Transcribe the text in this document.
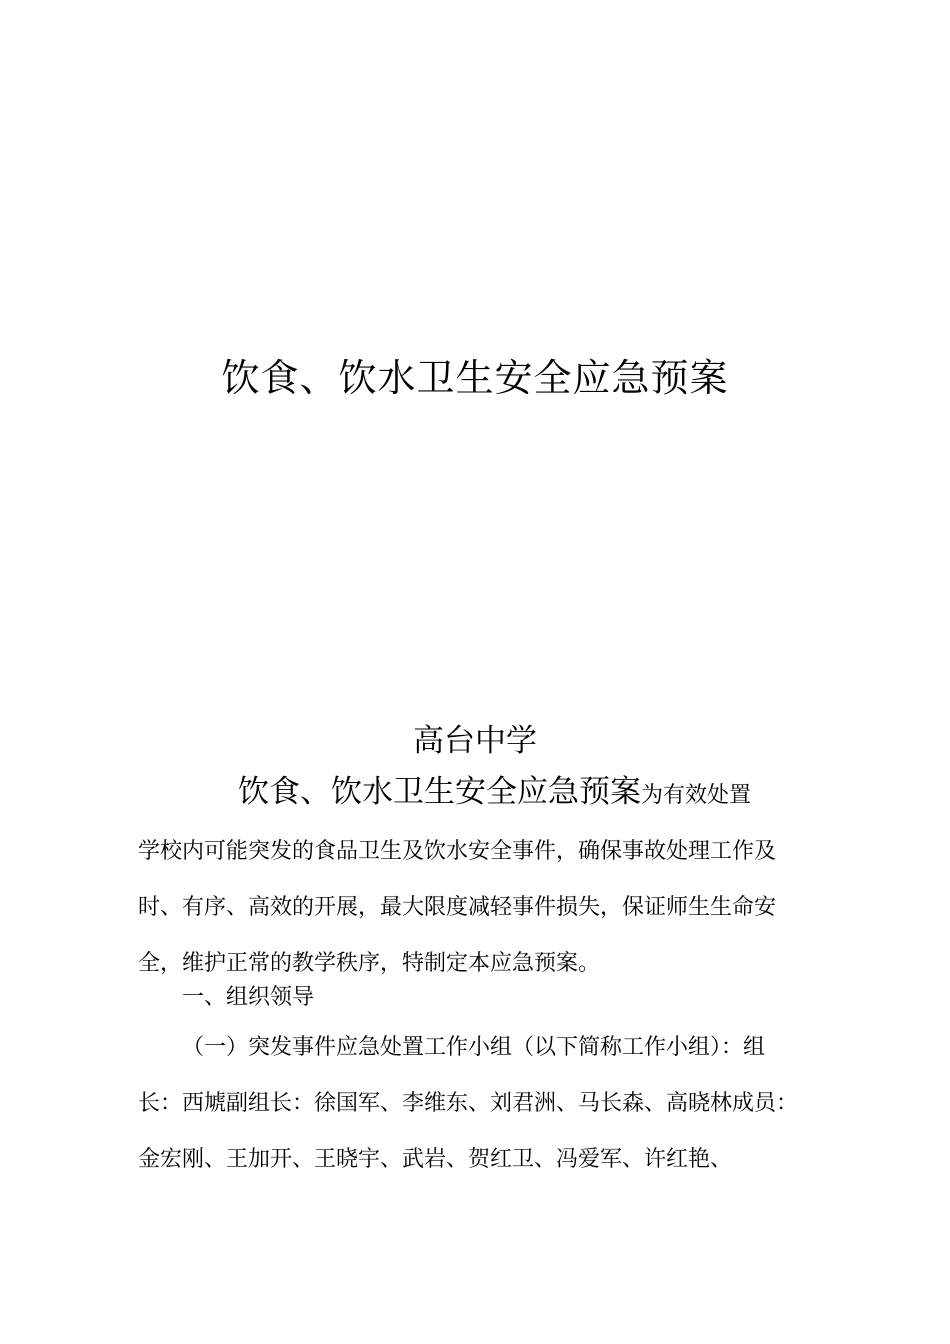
饮食、饮水卫生安全应急预案
高台中学
饮食、饮水卫生安全应急预案为有效处置
学校内可能突发的食品卫生及饮水安全事件，确保事故处理工作及
时、有序、高效的开展，最大限度减轻事件损失，保证师生生命安
全，维护正常的教学秩序，特制定本应急预案。
一、组织领导
（一）突发事件应急处置工作小组（以下简称工作小组）：组
长：西虓副组长：徐国军、李维东、刘君洲、马长森、高晓林成员：
金宏刚、王加开、王晓宇、武岩、贺红卫、冯爱军、许红艳、
